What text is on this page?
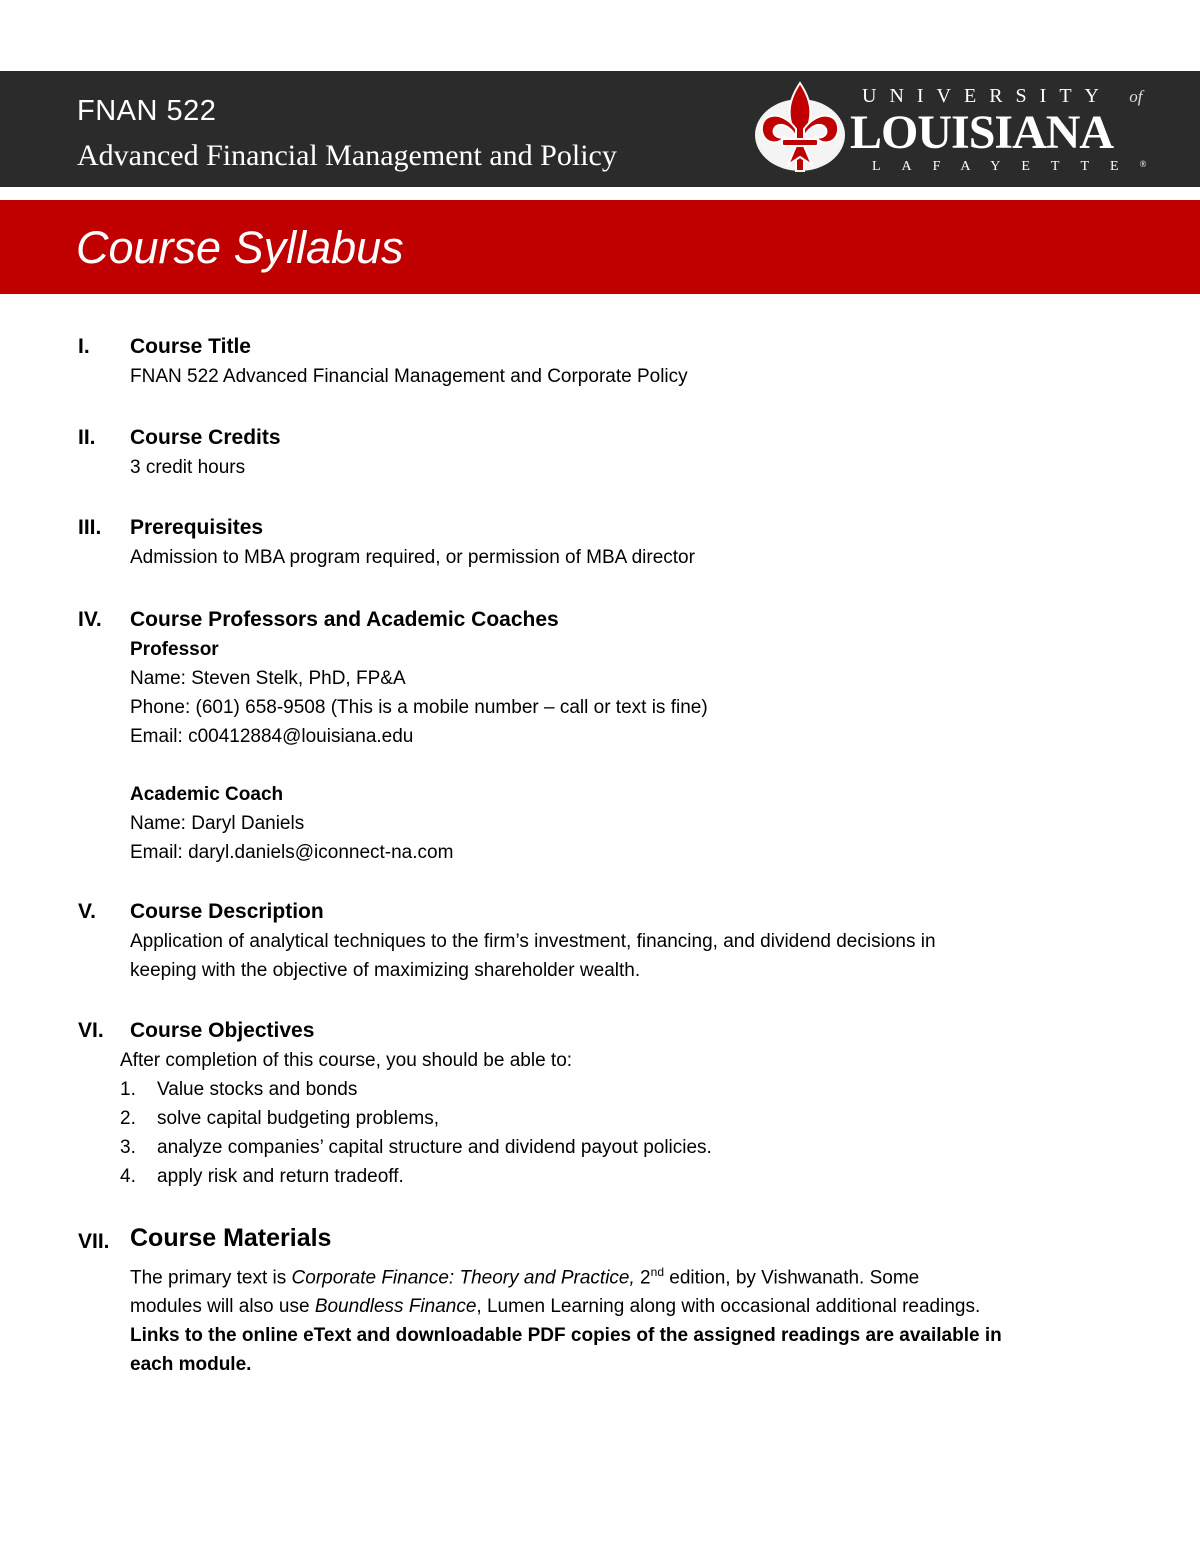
FNAN 522
Advanced Financial Management and Policy
UNIVERSITY of
LOUISIANA
LAFAYETTE®
Course Syllabus
I.	Course Title
FNAN 522 Advanced Financial Management and Corporate Policy
II.	Course Credits
3 credit hours
III.	Prerequisites
Admission to MBA program required, or permission of MBA director
IV.	Course Professors and Academic Coaches
Professor
Name: Steven Stelk, PhD, FP&A
Phone: (601) 658-9508 (This is a mobile number – call or text is fine)
Email: c00412884@louisiana.edu
Academic Coach
Name: Daryl Daniels
Email: daryl.daniels@iconnect-na.com
V.	Course Description
Application of analytical techniques to the firm’s investment, financing, and dividend decisions in
keeping with the objective of maximizing shareholder wealth.
VI.	Course Objectives
After completion of this course, you should be able to:
1. Value stocks and bonds
2. solve capital budgeting problems,
3. analyze companies’ capital structure and dividend payout policies.
4. apply risk and return tradeoff.
VII. Course Materials
The primary text is Corporate Finance: Theory and Practice, 2nd edition, by Vishwanath. Some
modules will also use Boundless Finance, Lumen Learning along with occasional additional readings.
Links to the online eText and downloadable PDF copies of the assigned readings are available in
each module.
